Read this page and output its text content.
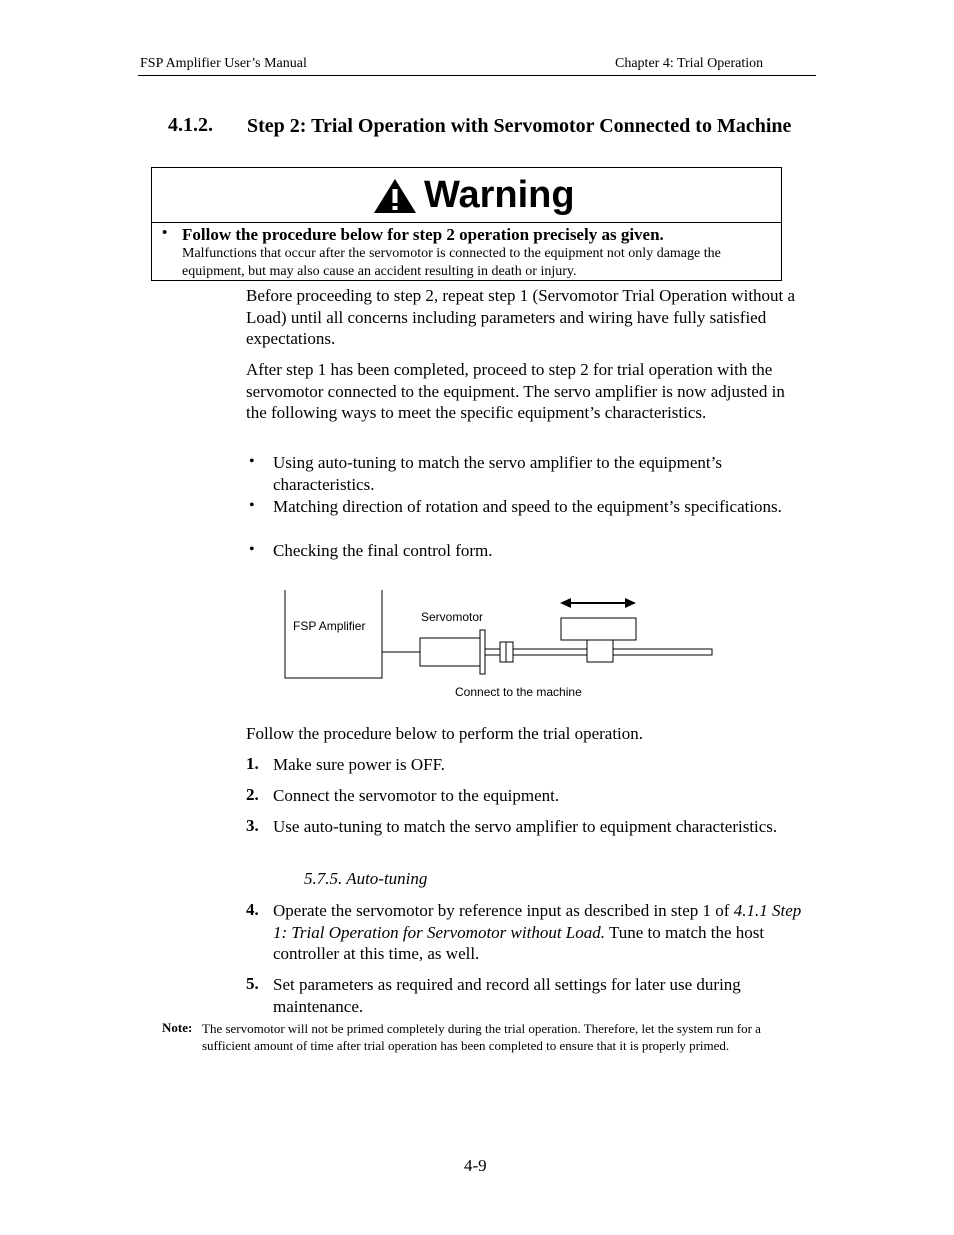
FSP Amplifier User’s Manual	Chapter 4: Trial Operation
4.1.2. Step 2: Trial Operation with Servomotor Connected to Machine
Warning
• Follow the procedure below for step 2 operation precisely as given.
Malfunctions that occur after the servomotor is connected to the equipment not only damage the equipment, but may also cause an accident resulting in death or injury.
Before proceeding to step 2, repeat step 1 (Servomotor Trial Operation without a Load) until all concerns including parameters and wiring have fully satisfied expectations.
After step 1 has been completed, proceed to step 2 for trial operation with the servomotor connected to the equipment. The servo amplifier is now adjusted in the following ways to meet the specific equipment’s characteristics.
• Using auto-tuning to match the servo amplifier to the equipment’s characteristics.
• Matching direction of rotation and speed to the equipment’s specifications.
• Checking the final control form.
FSP Amplifier
Servomotor
Connect to the machine
Follow the procedure below to perform the trial operation.
1. Make sure power is OFF.
2. Connect the servomotor to the equipment.
3. Use auto-tuning to match the servo amplifier to equipment characteristics.
5.7.5. Auto-tuning
4. Operate the servomotor by reference input as described in step 1 of 4.1.1 Step 1: Trial Operation for Servomotor without Load. Tune to match the host controller at this time, as well.
5. Set parameters as required and record all settings for later use during maintenance.
Note: The servomotor will not be primed completely during the trial operation. Therefore, let the system run for a sufficient amount of time after trial operation has been completed to ensure that it is properly primed.
4-9
